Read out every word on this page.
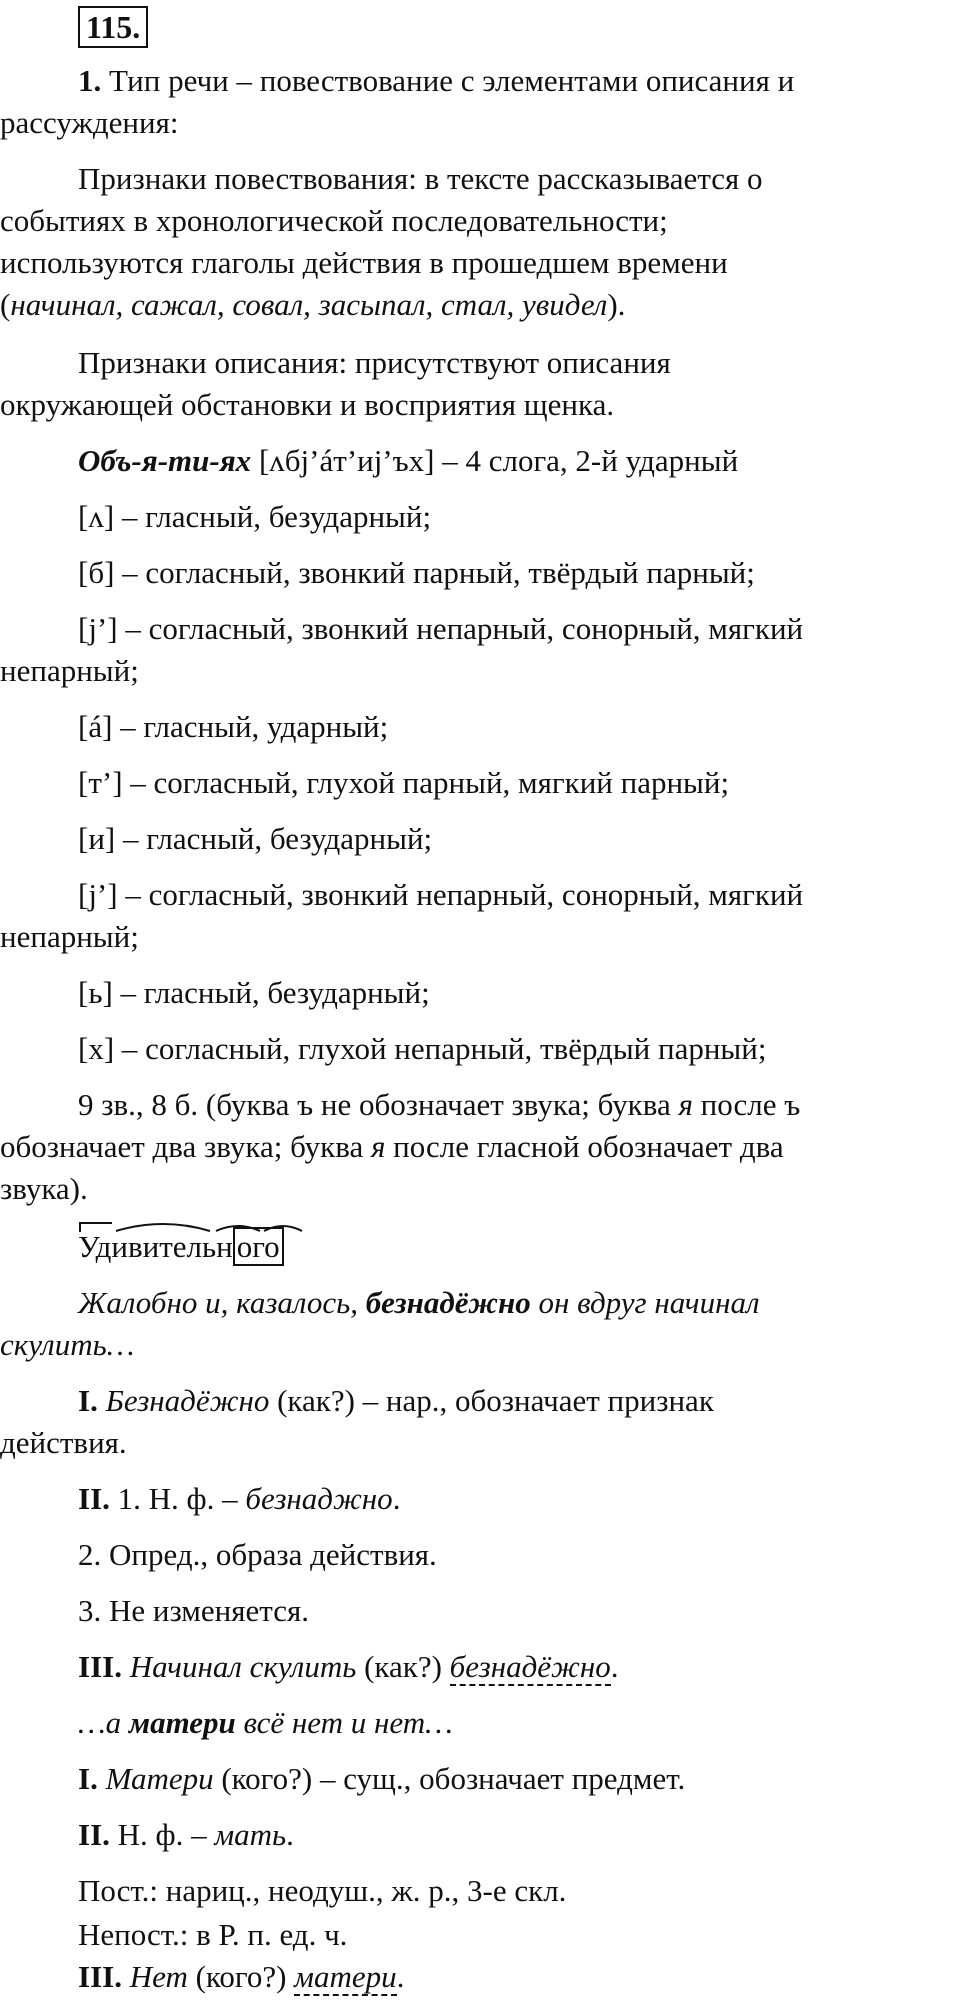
115.
1. Тип речи – повествование с элементами описания и
рассуждения:
Признаки повествования: в тексте рассказывается о
событиях в хронологической последовательности;
используются глаголы действия в прошедшем времени
(начинал, сажал, совал, засыпал, стал, увидел).
Признаки описания: присутствуют описания
окружающей обстановки и восприятия щенка.
Объ-я-ти-ях [ʌбj’áт’иj’ъх] – 4 слога, 2-й ударный
[ʌ] – гласный, безударный;
[б] – согласный, звонкий парный, твёрдый парный;
[j’] – согласный, звонкий непарный, сонорный, мягкий
непарный;
[á] – гласный, ударный;
[т’] – согласный, глухой парный, мягкий парный;
[и] – гласный, безударный;
[j’] – согласный, звонкий непарный, сонорный, мягкий
непарный;
[ь] – гласный, безударный;
[х] – согласный, глухой непарный, твёрдый парный;
9 зв., 8 б. (буква ъ не обозначает звука; буква я после ъ
обозначает два звука; буква я после гласной обозначает два
звука).
Удивительн ого
Жалобно и, казалось, безнадёжно он вдруг начинал
скулить…
I. Безнадёжно (как?) – нар., обозначает признак
действия.
II. 1. Н. ф. – безнаджно.
2. Опред., образа действия.
3. Не изменяется.
III. Начинал скулить (как?) безнадёжно.
…а матери всё нет и нет…
I. Матери (кого?) – сущ., обозначает предмет.
II. Н. ф. – мать.
Пост.: нариц., неодуш., ж. р., 3-е скл.
Непост.: в Р. п. ед. ч.
III. Нет (кого?) матери.
